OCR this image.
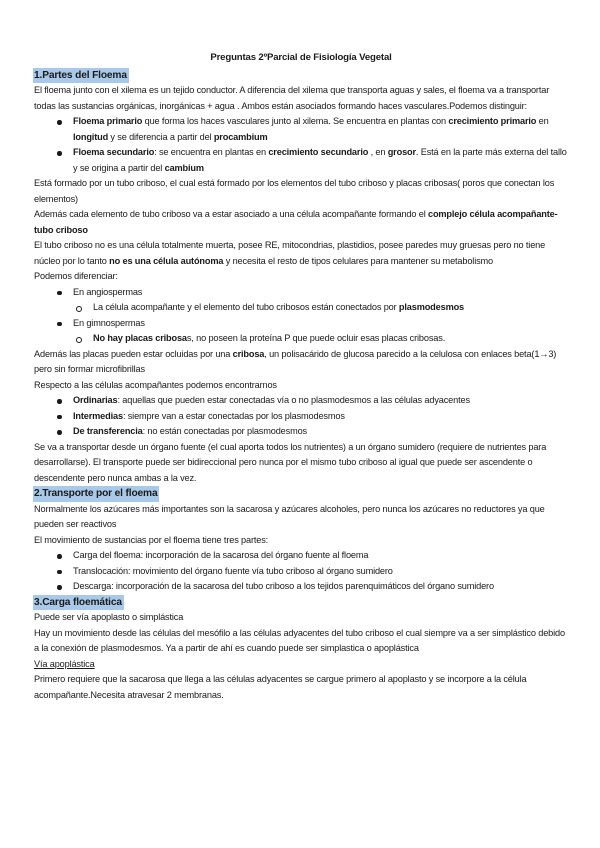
Preguntas 2ºParcial de Fisiología Vegetal

1.Partes del Floema

El floema junto con el xilema es un tejido conductor. A diferencia del xilema que transporta aguas y sales, el floema va a transportar todas las sustancias orgánicas, inorgánicas + agua . Ambos están asociados formando haces vasculares.Podemos distinguir:

Floema primario que forma los haces vasculares junto al xilema. Se encuentra en plantas con crecimiento primario en longitud y se diferencia a partir del procambium
Floema secundario: se encuentra en plantas en crecimiento secundario , en grosor. Está en la parte más externa del tallo y se origina a partir del cambium

Está formado por un tubo criboso, el cual está formado por los elementos del tubo criboso y placas cribosas( poros que conectan los elementos)

Además cada elemento de tubo criboso va a estar asociado a una célula acompañante formando el complejo célula acompañante-tubo criboso

El tubo criboso no es una célula totalmente muerta, posee RE, mitocondrias, plastidios, posee paredes muy gruesas pero no tiene núcleo por lo tanto no es una célula autónoma y necesita el resto de tipos celulares para mantener su metabolismo

Podemos diferenciar:

En angiospermas
La célula acompañante y el elemento del tubo cribosos están conectados por plasmodesmos
En gimnospermas
No hay placas cribosas, no poseen la proteína P que puede ocluir esas placas cribosas.

Además las placas pueden estar ocluidas por una cribosa, un polisacárido de glucosa parecido a la celulosa con enlaces beta(1→3) pero sin formar microfibrillas

Respecto a las células acompañantes podemos encontrarnos

Ordinarias: aquellas que pueden estar conectadas vía o no plasmodesmos a las células adyacentes
Intermedias: siempre van a estar conectadas por los plasmodesmos
De transferencia: no están conectadas por plasmodesmos

Se va a transportar desde un órgano fuente (el cual aporta todos los nutrientes) a un órgano sumidero (requiere de nutrientes para desarrollarse). El transporte puede ser bidireccional pero nunca por el mismo tubo criboso al igual que puede ser ascendente o descendente pero nunca ambas a la vez.

2.Transporte por el floema

Normalmente los azúcares más importantes son la sacarosa y azúcares alcoholes, pero nunca los azúcares no reductores ya que pueden ser reactivos

El movimiento de sustancias por el floema tiene tres partes:

Carga del floema: incorporación de la sacarosa del órgano fuente al floema
Translocación: movimiento del órgano fuente vía tubo criboso al órgano sumidero
Descarga: incorporación de la sacarosa del tubo criboso a los tejidos parenquimáticos del órgano sumidero
3.Carga floemática

Puede ser vía apoplasto o simplástica

Hay un movimiento desde las células del mesófilo a las células adyacentes del tubo criboso el cual siempre va a ser simplástico debido a la conexión de plasmodesmos. Ya a partir de ahí es cuando puede ser simplastica o apoplástica

Vía apoplástica

Primero requiere que la sacarosa que llega a las células adyacentes se cargue primero al apoplasto y se incorpore a la célula acompañante.Necesita atravesar 2 membranas.
